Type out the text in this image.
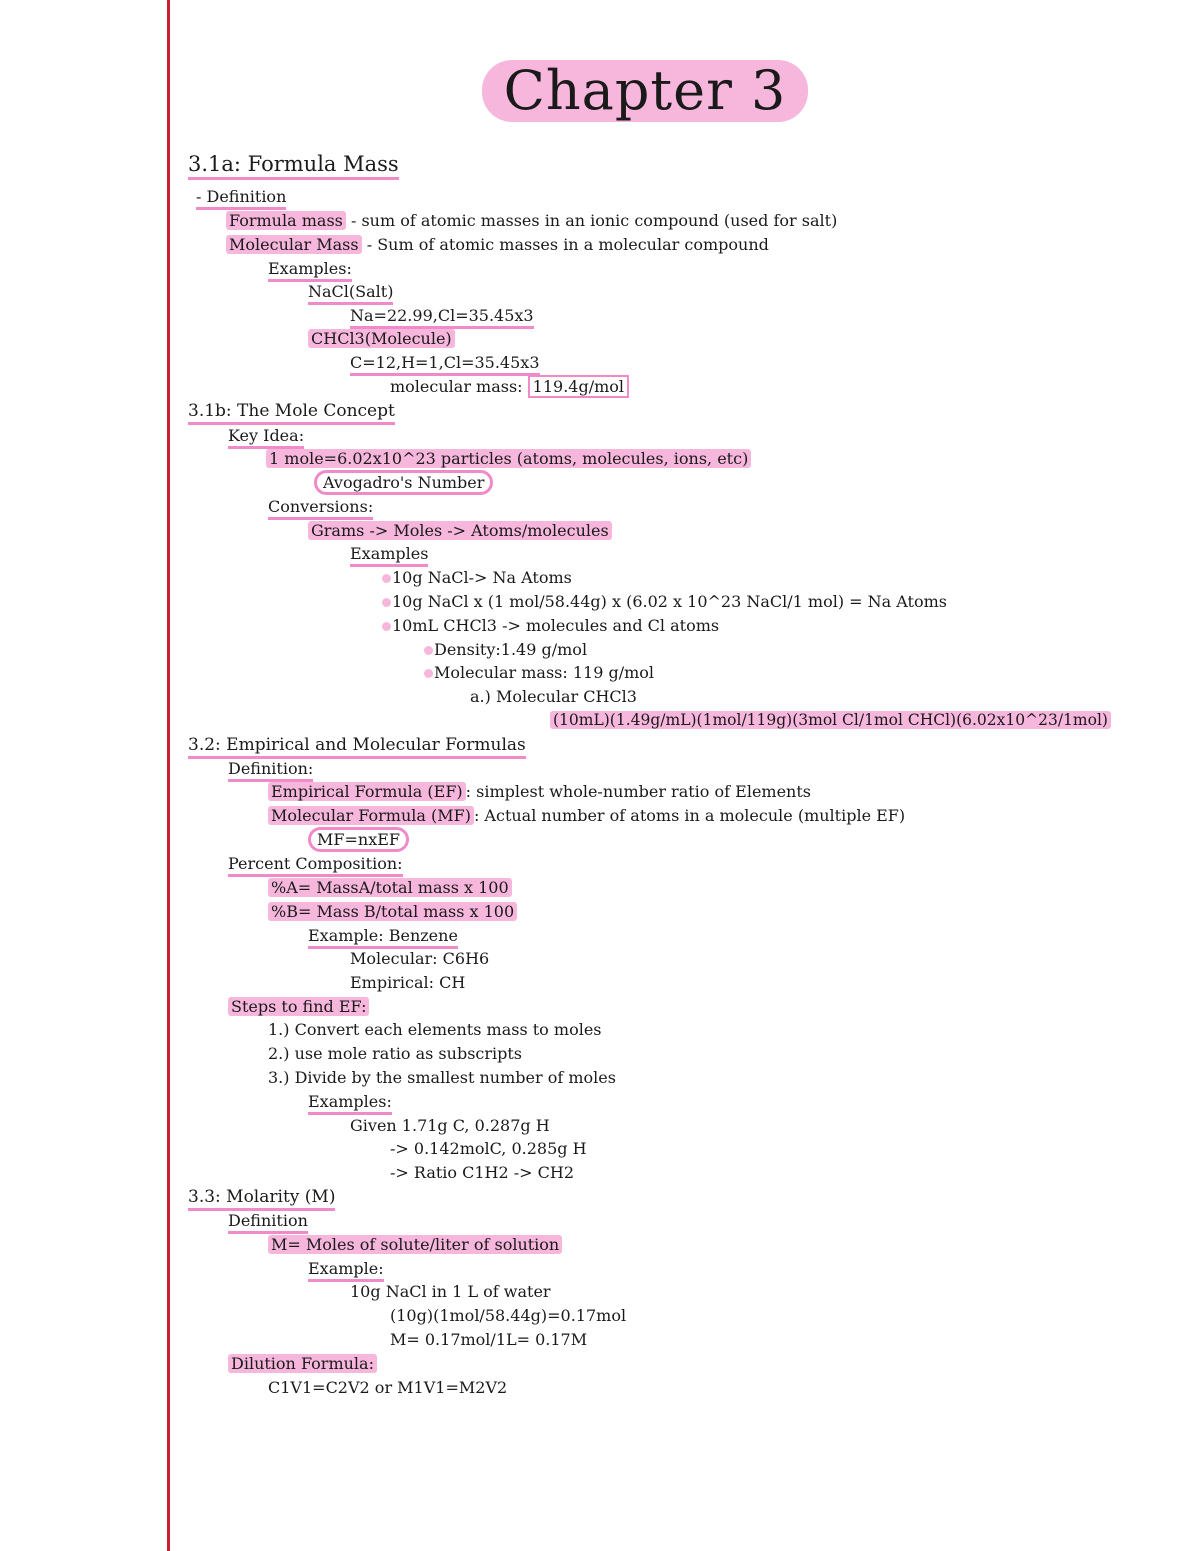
Chapter 3
3.1a: Formula Mass
- Definition
Formula mass - sum of atomic masses in an ionic compound (used for salt)
Molecular Mass - Sum of atomic masses in a molecular compound
Examples:
NaCl(Salt)
Na=22.99,Cl=35.45x3
CHCl3(Molecule)
C=12,H=1,Cl=35.45x3
molecular mass: 119.4g/mol
3.1b: The Mole Concept
Key Idea:
1 mole=6.02x10^23 particles (atoms, molecules, ions, etc)
Avogadro's Number
Conversions:
Grams -> Moles -> Atoms/molecules
Examples
10g NaCl-> Na Atoms
10g NaCl x (1 mol/58.44g) x (6.02 x 10^23 NaCl/1 mol) = Na Atoms
10mL CHCl3 -> molecules and Cl atoms
Density:1.49 g/mol
Molecular mass: 119 g/mol
a.) Molecular CHCl3
(10mL)(1.49g/mL)(1mol/119g)(3mol Cl/1mol CHCl)(6.02x10^23/1mol)
3.2: Empirical and Molecular Formulas
Definition:
Empirical Formula (EF) : simplest whole-number ratio of Elements
Molecular Formula (MF) : Actual number of atoms in a molecule (multiple EF)
MF=nxEF
Percent Composition:
%A= MassA/total mass x 100
%B= Mass B/total mass x 100
Example: Benzene
Molecular: C6H6
Empirical: CH
Steps to find EF:
1.) Convert each elements mass to moles
2.) use mole ratio as subscripts
3.) Divide by the smallest number of moles
Examples:
Given 1.71g C, 0.287g H
-> 0.142molC, 0.285g H
-> Ratio C1H2 -> CH2
3.3: Molarity (M)
Definition
M= Moles of solute/liter of solution
Example:
10g NaCl in 1 L of water
(10g)(1mol/58.44g)=0.17mol
M= 0.17mol/1L= 0.17M
Dilution Formula:
C1V1=C2V2 or M1V1=M2V2
